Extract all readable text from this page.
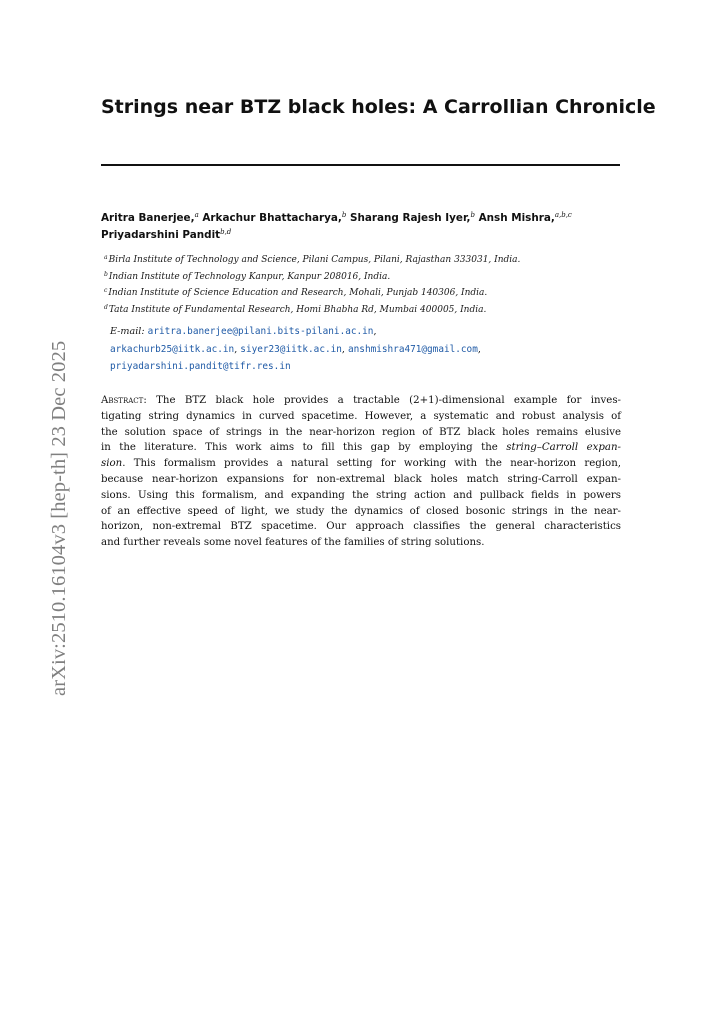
arXiv:2510.16104v3 [hep-th] 23 Dec 2025
Strings near BTZ black holes: A Carrollian Chronicle
Aritra Banerjee,$^a$ Arkachur Bhattacharya,$^b$ Sharang Rajesh Iyer,$^b$ Ansh Mishra,$^{a,b,c}$
Priyadarshini Pandit$^{b,d}$
$^a$Birla Institute of Technology and Science, Pilani Campus, Pilani, Rajasthan 333031, India.
$^b$Indian Institute of Technology Kanpur, Kanpur 208016, India.
$^c$Indian Institute of Science Education and Research, Mohali, Punjab 140306, India.
$^d$Tata Institute of Fundamental Research, Homi Bhabha Rd, Mumbai 400005, India.
E-mail: aritra.banerjee@pilani.bits-pilani.ac.in,
arkachurb25@iitk.ac.in, siyer23@iitk.ac.in, anshmishra471@gmail.com,
priyadarshini.pandit@tifr.res.in
Abstract: The BTZ black hole provides a tractable (2+1)-dimensional example for inves-
tigating string dynamics in curved spacetime. However, a systematic and robust analysis of
the solution space of strings in the near-horizon region of BTZ black holes remains elusive
in the literature. This work aims to fill this gap by employing the string–Carroll expan-
sion. This formalism provides a natural setting for working with the near-horizon region,
because near-horizon expansions for non-extremal black holes match string-Carroll expan-
sions. Using this formalism, and expanding the string action and pullback fields in powers
of an effective speed of light, we study the dynamics of closed bosonic strings in the near-
horizon, non-extremal BTZ spacetime. Our approach classifies the general characteristics
and further reveals some novel features of the families of string solutions.
